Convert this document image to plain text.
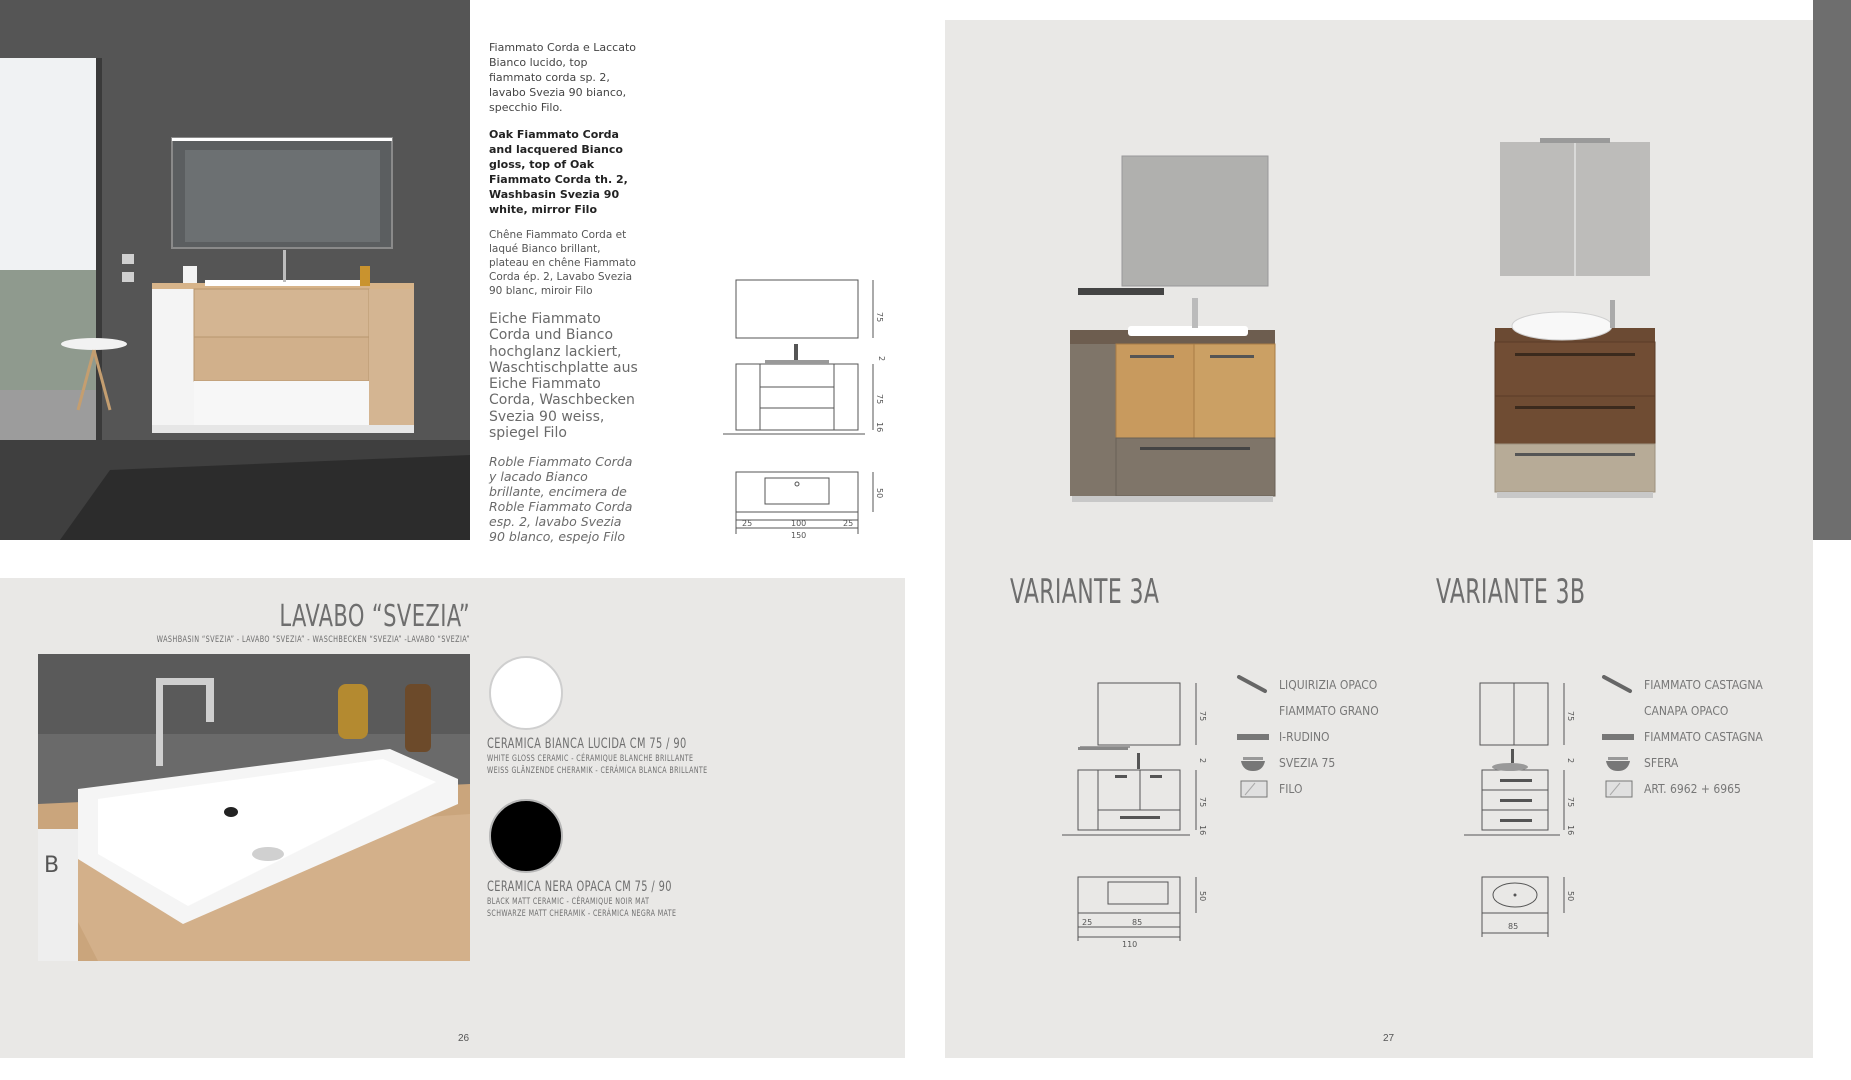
Fiammato Corda e Laccato Bianco lucido, top fiammato corda sp. 2, lavabo Svezia 90 bianco, specchio Filo.
Oak Fiammato Corda and lacquered Bianco gloss, top of Oak Fiammato Corda th. 2, Washbasin Svezia 90 white, mirror Filo
Chêne Fiammato Corda et laqué Bianco brillant, plateau en chêne Fiammato Corda ép. 2, Lavabo Svezia 90 blanc, miroir Filo
Eiche Fiammato Corda und Bianco hochglanz lackiert, Waschtischplatte aus Eiche Fiammato Corda, Waschbecken Svezia 90 weiss, spiegel Filo
Roble Fiammato Corda y lacado Bianco brillante, encimera de Roble Fiammato Corda esp. 2, lavabo Svezia 90 blanco, espejo Filo
75
2
75
16
50
25	100	25
150
LAVABO “SVEZIA”
WASHBASIN “SVEZIA” - LAVABO “SVEZIA” - WASCHBECKEN “SVEZIA” -LAVABO “SVEZIA”
B
CERAMICA BIANCA LUCIDA CM 75 / 90
WHITE GLOSS CERAMIC - CÉRAMIQUE BLANCHE BRILLANTE
WEISS GLÄNZENDE CHERAMIK - CERÁMICA BLANCA BRILLANTE
CERAMICA NERA OPACA CM 75 / 90
BLACK MATT CERAMIC - CÉRAMIQUE NOIR MAT
SCHWARZE MATT CHERAMIK - CERÁMICA NEGRA MATE
26
VARIANTE 3A	VARIANTE 3B
75
2
75
16
50
25	85
110
75
2
75
16
50
85
LIQUIRIZIA OPACO
FIAMMATO GRANO
I-RUDINO
SVEZIA 75
FILO
FIAMMATO CASTAGNA
CANAPA OPACO
FIAMMATO CASTAGNA
SFERA
ART. 6962 + 6965
27
